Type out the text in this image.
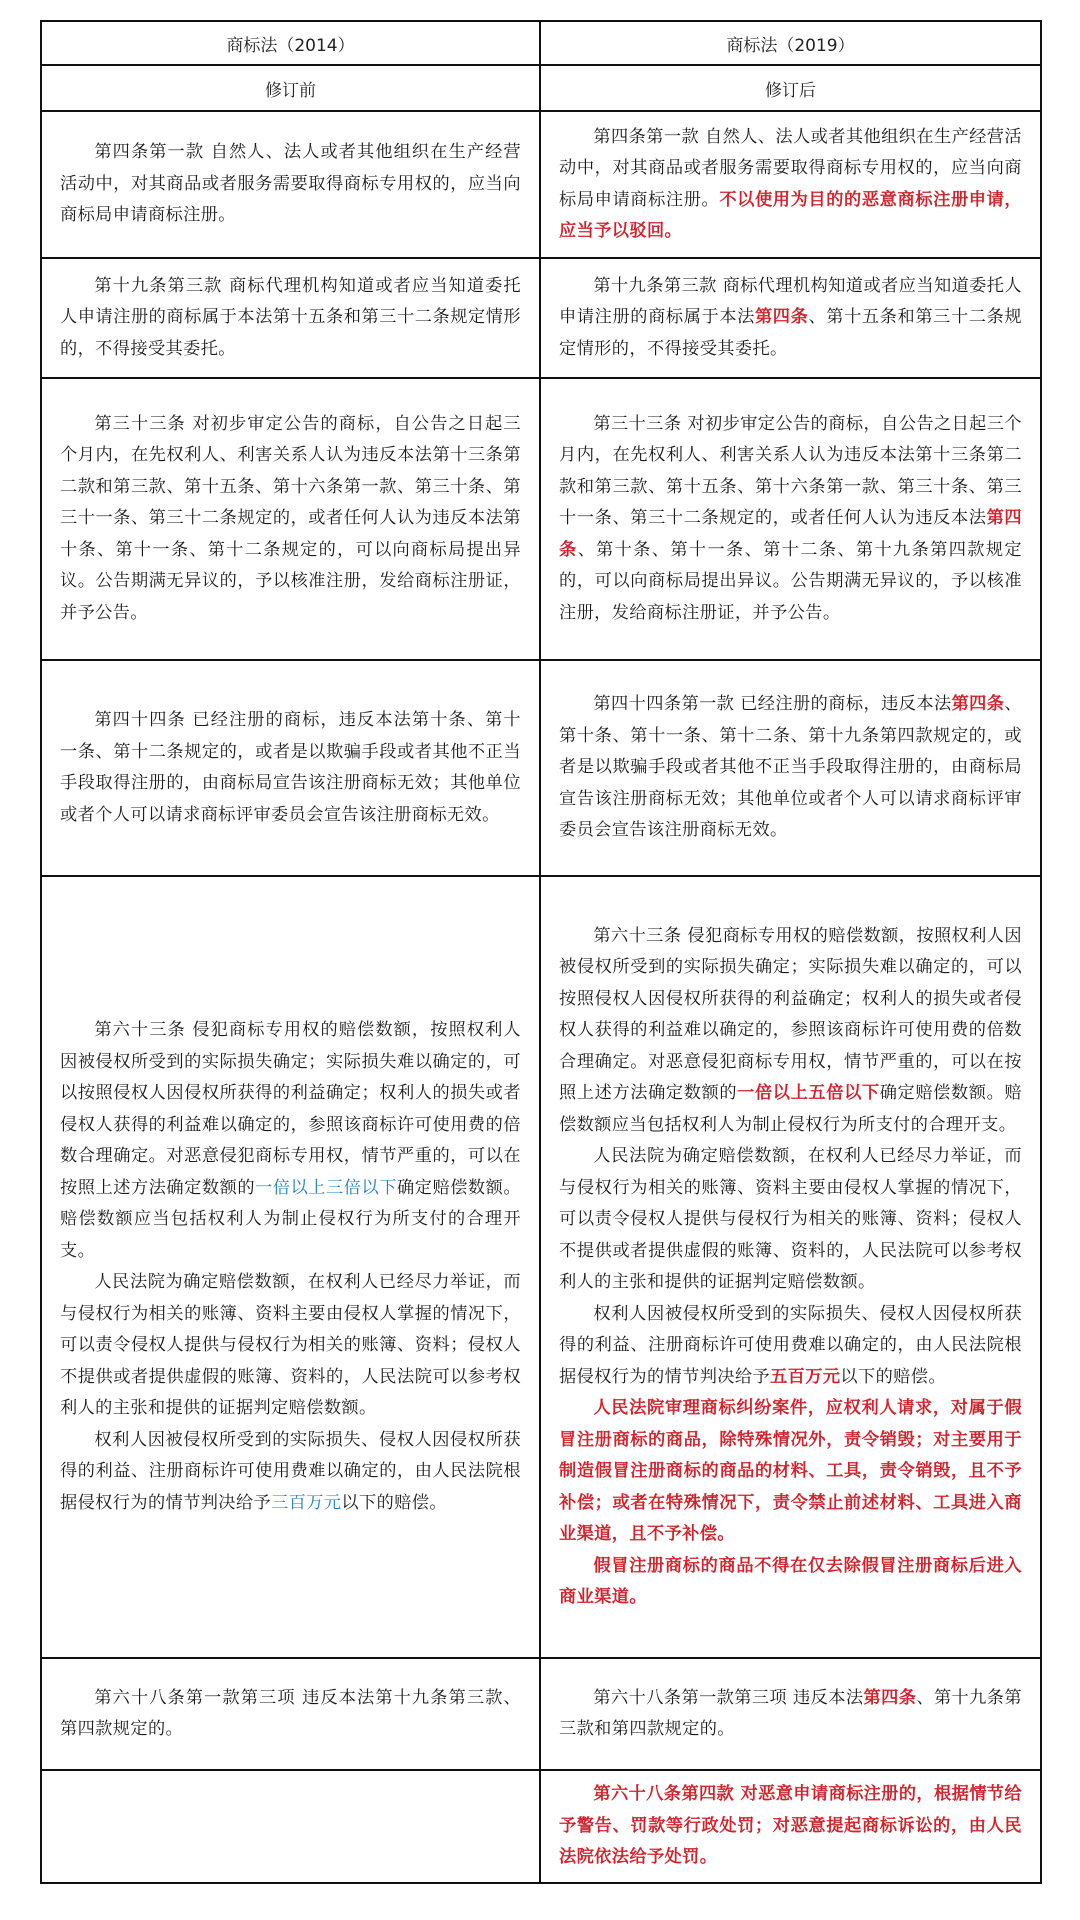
商标法（2014）	商标法（2019）
修订前	修订后

第四条第一款 自然人、法人或者其他组织在生产经营活动中，对其商品或者服务需要取得商标专用权的，应当向商标局申请商标注册。

第四条第一款 自然人、法人或者其他组织在生产经营活动中，对其商品或者服务需要取得商标专用权的，应当向商标局申请商标注册。不以使用为目的的恶意商标注册申请，应当予以驳回。

第十九条第三款 商标代理机构知道或者应当知道委托人申请注册的商标属于本法第十五条和第三十二条规定情形的，不得接受其委托。

第十九条第三款 商标代理机构知道或者应当知道委托人申请注册的商标属于本法第四条、第十五条和第三十二条规定情形的，不得接受其委托。

第三十三条 对初步审定公告的商标，自公告之日起三个月内，在先权利人、利害关系人认为违反本法第十三条第二款和第三款、第十五条、第十六条第一款、第三十条、第三十一条、第三十二条规定的，或者任何人认为违反本法第十条、第十一条、第十二条规定的，可以向商标局提出异议。公告期满无异议的，予以核准注册，发给商标注册证，并予公告。

第三十三条 对初步审定公告的商标，自公告之日起三个月内，在先权利人、利害关系人认为违反本法第十三条第二款和第三款、第十五条、第十六条第一款、第三十条、第三十一条、第三十二条规定的，或者任何人认为违反本法第四条、第十条、第十一条、第十二条、第十九条第四款规定的，可以向商标局提出异议。公告期满无异议的，予以核准注册，发给商标注册证，并予公告。

第四十四条 已经注册的商标，违反本法第十条、第十一条、第十二条规定的，或者是以欺骗手段或者其他不正当手段取得注册的，由商标局宣告该注册商标无效；其他单位或者个人可以请求商标评审委员会宣告该注册商标无效。

第四十四条第一款 已经注册的商标，违反本法第四条、第十条、第十一条、第十二条、第十九条第四款规定的，或者是以欺骗手段或者其他不正当手段取得注册的，由商标局宣告该注册商标无效；其他单位或者个人可以请求商标评审委员会宣告该注册商标无效。

第六十三条 侵犯商标专用权的赔偿数额，按照权利人因被侵权所受到的实际损失确定；实际损失难以确定的，可以按照侵权人因侵权所获得的利益确定；权利人的损失或者侵权人获得的利益难以确定的，参照该商标许可使用费的倍数合理确定。对恶意侵犯商标专用权，情节严重的，可以在按照上述方法确定数额的一倍以上三倍以下确定赔偿数额。赔偿数额应当包括权利人为制止侵权行为所支付的合理开支。

人民法院为确定赔偿数额，在权利人已经尽力举证，而与侵权行为相关的账簿、资料主要由侵权人掌握的情况下，可以责令侵权人提供与侵权行为相关的账簿、资料；侵权人不提供或者提供虚假的账簿、资料的，人民法院可以参考权利人的主张和提供的证据判定赔偿数额。

权利人因被侵权所受到的实际损失、侵权人因侵权所获得的利益、注册商标许可使用费难以确定的，由人民法院根据侵权行为的情节判决给予三百万元以下的赔偿。

第六十三条 侵犯商标专用权的赔偿数额，按照权利人因被侵权所受到的实际损失确定；实际损失难以确定的，可以按照侵权人因侵权所获得的利益确定；权利人的损失或者侵权人获得的利益难以确定的，参照该商标许可使用费的倍数合理确定。对恶意侵犯商标专用权，情节严重的，可以在按照上述方法确定数额的一倍以上五倍以下确定赔偿数额。赔偿数额应当包括权利人为制止侵权行为所支付的合理开支。

人民法院为确定赔偿数额，在权利人已经尽力举证，而与侵权行为相关的账簿、资料主要由侵权人掌握的情况下，可以责令侵权人提供与侵权行为相关的账簿、资料；侵权人不提供或者提供虚假的账簿、资料的，人民法院可以参考权利人的主张和提供的证据判定赔偿数额。

权利人因被侵权所受到的实际损失、侵权人因侵权所获得的利益、注册商标许可使用费难以确定的，由人民法院根据侵权行为的情节判决给予五百万元以下的赔偿。

人民法院审理商标纠纷案件，应权利人请求，对属于假冒注册商标的商品，除特殊情况外，责令销毁；对主要用于制造假冒注册商标的商品的材料、工具，责令销毁，且不予补偿；或者在特殊情况下，责令禁止前述材料、工具进入商业渠道，且不予补偿。

假冒注册商标的商品不得在仅去除假冒注册商标后进入商业渠道。

第六十八条第一款第三项 违反本法第十九条第三款、第四款规定的。

第六十八条第一款第三项 违反本法第四条、第十九条第三款和第四款规定的。

第六十八条第四款 对恶意申请商标注册的，根据情节给予警告、罚款等行政处罚；对恶意提起商标诉讼的，由人民法院依法给予处罚。
